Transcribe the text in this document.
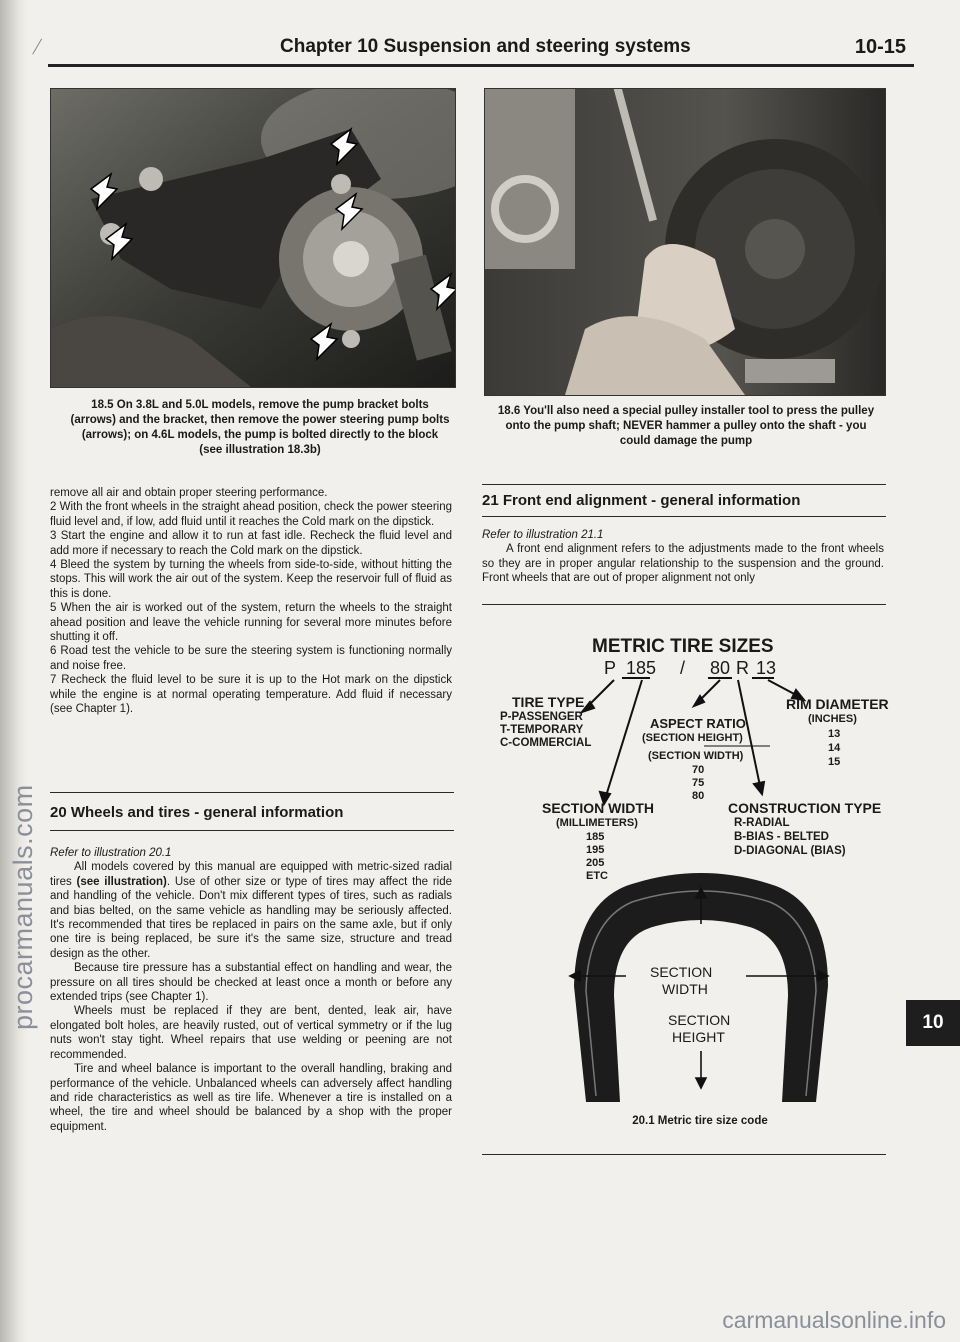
procarmanuals.com
carmanualsonline.info
Chapter 10 Suspension and steering systems	10-15
18.5 On 3.8L and 5.0L models, remove the pump bracket bolts (arrows) and the bracket, then remove the power steering pump bolts (arrows); on 4.6L models, the pump is bolted directly to the block (see illustration 18.3b)
18.6 You'll also need a special pulley installer tool to press the pulley onto the pump shaft; NEVER hammer a pulley onto the shaft - you could damage the pump

remove all air and obtain proper steering performance.

2 With the front wheels in the straight ahead position, check the power steering fluid level and, if low, add fluid until it reaches the Cold mark on the dipstick.

3 Start the engine and allow it to run at fast idle. Recheck the fluid level and add more if necessary to reach the Cold mark on the dipstick.

4 Bleed the system by turning the wheels from side-to-side, without hitting the stops. This will work the air out of the system. Keep the reservoir full of fluid as this is done.

5 When the air is worked out of the system, return the wheels to the straight ahead position and leave the vehicle running for several more minutes before shutting it off.

6 Road test the vehicle to be sure the steering system is functioning normally and noise free.

7 Recheck the fluid level to be sure it is up to the Hot mark on the dipstick while the engine is at normal operating temperature. Add fluid if necessary (see Chapter 1).

20 Wheels and tires - general information

Refer to illustration 20.1

All models covered by this manual are equipped with metric-sized radial tires (see illustration). Use of other size or type of tires may affect the ride and handling of the vehicle. Don't mix different types of tires, such as radials and bias belted, on the same vehicle as handling may be seriously affected. It's recommended that tires be replaced in pairs on the same axle, but if only one tire is being replaced, be sure it's the same size, structure and tread design as the other.

Because tire pressure has a substantial effect on handling and wear, the pressure on all tires should be checked at least once a month or before any extended trips (see Chapter 1).

Wheels must be replaced if they are bent, dented, leak air, have elongated bolt holes, are heavily rusted, out of vertical symmetry or if the lug nuts won't stay tight. Wheel repairs that use welding or peening are not recommended.

Tire and wheel balance is important to the overall handling, braking and performance of the vehicle. Unbalanced wheels can adversely affect handling and ride characteristics as well as tire life. Whenever a tire is installed on a wheel, the tire and wheel should be balanced by a shop with the proper equipment.

21 Front end alignment - general information

Refer to illustration 21.1

A front end alignment refers to the adjustments made to the front wheels so they are in proper angular relationship to the suspension and the ground. Front wheels that are out of proper alignment not only

METRIC TIRE SIZES
P 185 / 80 R 13
TIRE TYPE
P-PASSENGER
T-TEMPORARY
C-COMMERCIAL
ASPECT RATIO
(SECTION HEIGHT)
(SECTION WIDTH)
70
75
80
RIM DIAMETER
(INCHES)
13
14
15
SECTION WIDTH
(MILLIMETERS)
185
195
205
ETC
CONSTRUCTION TYPE
R-RADIAL
B-BIAS - BELTED
D-DIAGONAL (BIAS)
SECTION
WIDTH
SECTION
HEIGHT
20.1 Metric tire size code
10
